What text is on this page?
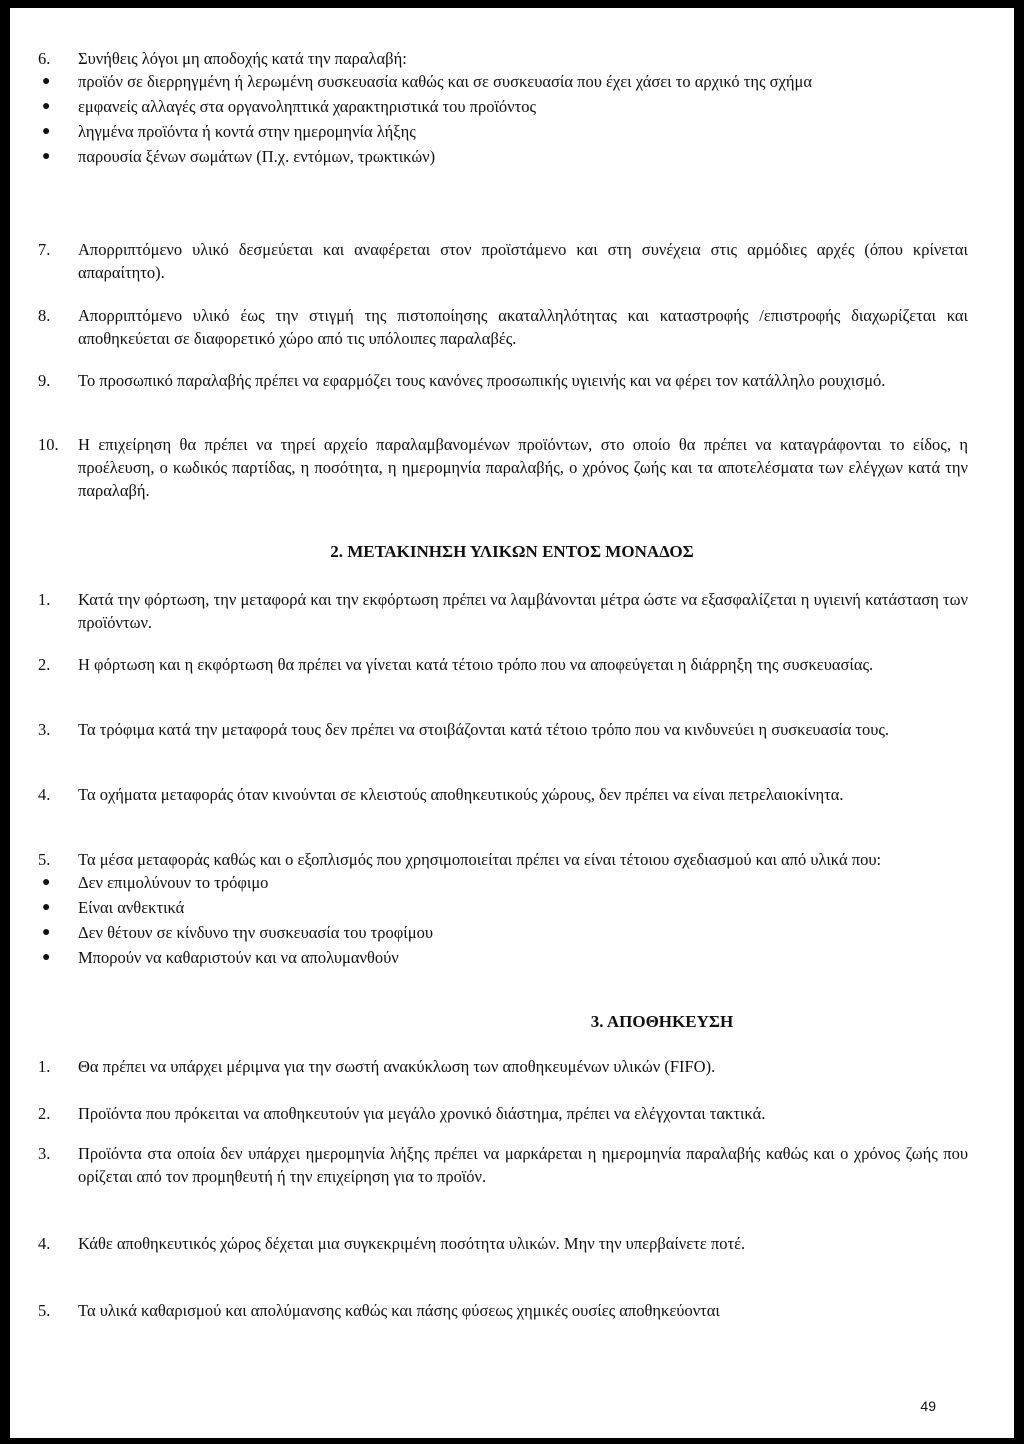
6. Συνήθεις λόγοι μη αποδοχής κατά την παραλαβή:
● προϊόν σε διερρηγμένη ή λερωμένη συσκευασία καθώς και σε συσκευασία που έχει χάσει το αρχικό της σχήμα
● εμφανείς αλλαγές στα οργανοληπτικά χαρακτηριστικά του προϊόντος
● ληγμένα προϊόντα ή κοντά στην ημερομηνία λήξης
● παρουσία ξένων σωμάτων (Π.χ. εντόμων, τρωκτικών)
7. Απορριπτόμενο υλικό δεσμεύεται και αναφέρεται στον προϊστάμενο και στη συνέχεια στις αρμόδιες αρχές (όπου κρίνεται απαραίτητο).
8. Απορριπτόμενο υλικό έως την στιγμή της πιστοποίησης ακαταλληλότητας και καταστροφής /επιστροφής διαχωρίζεται και αποθηκεύεται σε διαφορετικό χώρο από τις υπόλοιπες παραλαβές.
9. Το προσωπικό παραλαβής πρέπει να εφαρμόζει τους κανόνες προσωπικής υγιεινής και να φέρει τον κατάλληλο ρουχισμό.
10. Η επιχείρηση θα πρέπει να τηρεί αρχείο παραλαμβανομένων προϊόντων, στο οποίο θα πρέπει να καταγράφονται το είδος, η προέλευση, ο κωδικός παρτίδας, η ποσότητα, η ημερομηνία παραλαβής, ο χρόνος ζωής και τα αποτελέσματα των ελέγχων κατά την παραλαβή.
2. ΜΕΤΑΚΙΝΗΣΗ ΥΛΙΚΩΝ ΕΝΤΟΣ ΜΟΝΑΔΟΣ
1. Κατά την φόρτωση, την μεταφορά και την εκφόρτωση πρέπει να λαμβάνονται μέτρα ώστε να εξασφαλίζεται η υγιεινή κατάσταση των προϊόντων.
2. Η φόρτωση και η εκφόρτωση θα πρέπει να γίνεται κατά τέτοιο τρόπο που να αποφεύγεται η διάρρηξη της συσκευασίας.
3. Τα τρόφιμα κατά την μεταφορά τους δεν πρέπει να στοιβάζονται κατά τέτοιο τρόπο που να κινδυνεύει η συσκευασία τους.
4. Τα οχήματα μεταφοράς όταν κινούνται σε κλειστούς αποθηκευτικούς χώρους, δεν πρέπει να είναι πετρελαιοκίνητα.
5. Τα μέσα μεταφοράς καθώς και ο εξοπλισμός που χρησιμοποιείται πρέπει να είναι τέτοιου σχεδιασμού και από υλικά που:
● Δεν επιμολύνουν το τρόφιμο
● Είναι ανθεκτικά
● Δεν θέτουν σε κίνδυνο την συσκευασία του τροφίμου
● Μπορούν να καθαριστούν και να απολυμανθούν
3. ΑΠΟΘΗΚΕΥΣΗ
1. Θα πρέπει να υπάρχει μέριμνα για την σωστή ανακύκλωση των αποθηκευμένων υλικών (FIFO).
2. Προϊόντα που πρόκειται να αποθηκευτούν για μεγάλο χρονικό διάστημα, πρέπει να ελέγχονται τακτικά.
3. Προϊόντα στα οποία δεν υπάρχει ημερομηνία λήξης πρέπει να μαρκάρεται η ημερομηνία παραλαβής καθώς και ο χρόνος ζωής που ορίζεται από τον προμηθευτή ή την επιχείρηση για το προϊόν.
4. Κάθε αποθηκευτικός χώρος δέχεται μια συγκεκριμένη ποσότητα υλικών. Μην την υπερβαίνετε ποτέ.
5. Τα υλικά καθαρισμού και απολύμανσης καθώς και πάσης φύσεως χημικές ουσίες αποθηκεύονται
49
